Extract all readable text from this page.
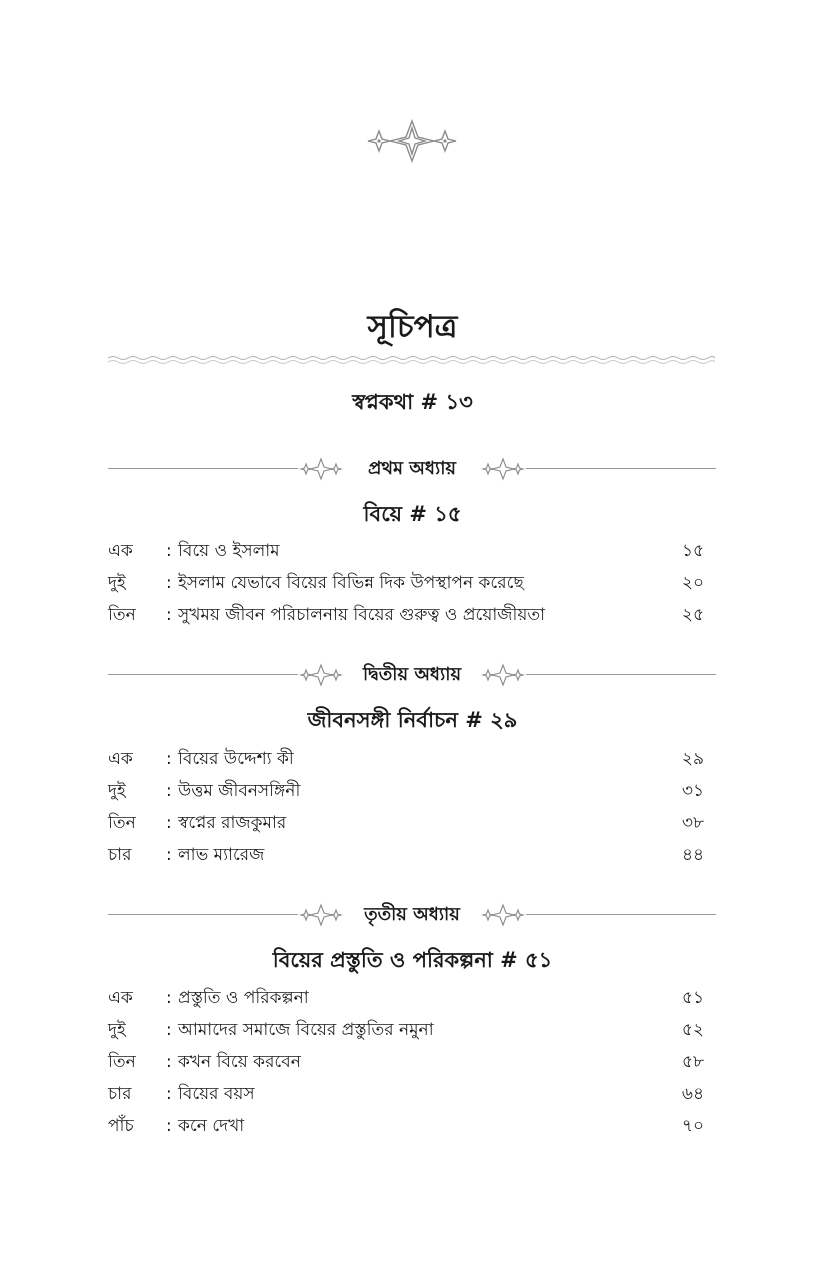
সূচিপত্র
স্বপ্নকথা # ১৩
প্রথম অধ্যায়
বিয়ে # ১৫
এক	: বিয়ে ও ইসলাম	১৫
দুই	: ইসলাম যেভাবে বিয়ের বিভিন্ন দিক উপস্থাপন করেছে	২০
তিন	: সুখময় জীবন পরিচালনায় বিয়ের গুরুত্ব ও প্রয়োজীয়তা	২৫
দ্বিতীয় অধ্যায়
জীবনসঙ্গী নির্বাচন # ২৯
এক	: বিয়ের উদ্দেশ্য কী	২৯
দুই	: উত্তম জীবনসঙ্গিনী	৩১
তিন	: স্বপ্নের রাজকুমার	৩৮
চার	: লাভ ম্যারেজ	৪৪
তৃতীয় অধ্যায়
বিয়ের প্রস্তুতি ও পরিকল্পনা # ৫১
এক	: প্রস্তুতি ও পরিকল্পনা	৫১
দুই	: আমাদের সমাজে বিয়ের প্রস্তুতির নমুনা	৫২
তিন	: কখন বিয়ে করবেন	৫৮
চার	: বিয়ের বয়স	৬৪
পাঁচ	: কনে দেখা	৭০
